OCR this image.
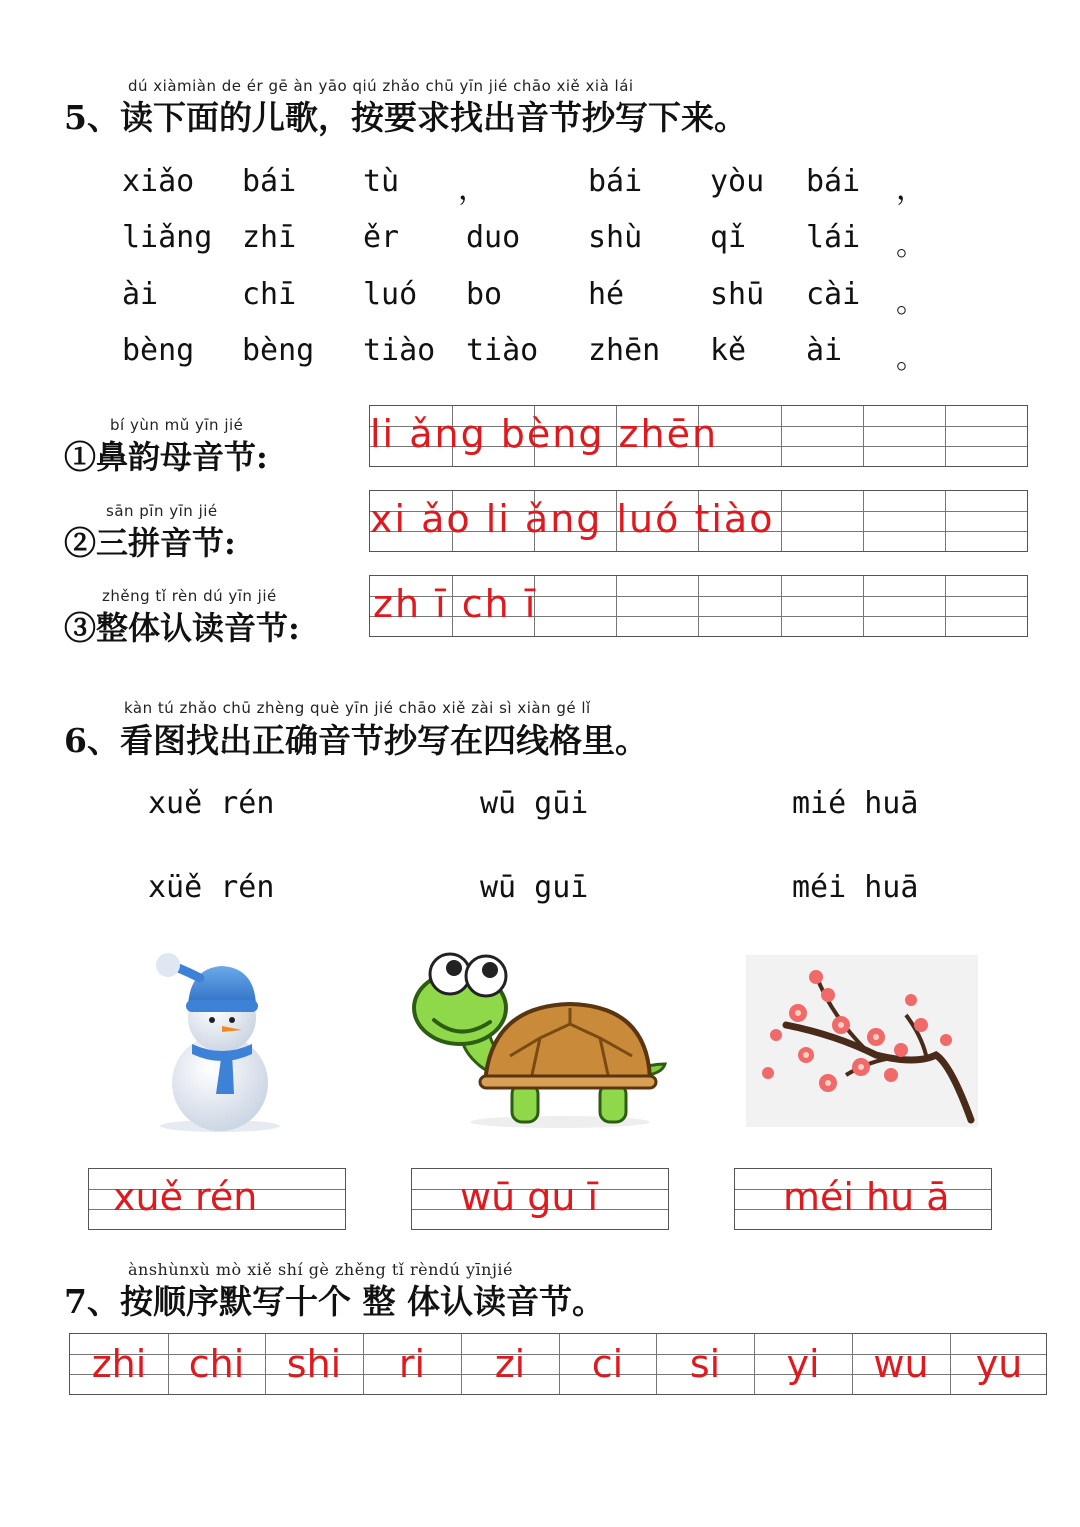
dú xiàmiàn de ér gē àn yāo qiú zhǎo chū yīn jié chāo xiě xià lái
5、读下面的儿歌，按要求找出音节抄写下来。
xiǎo bái tù ，	bái yòu bái ，
liǎng zhī ěr duo shù qǐ lái 。
ài	chī luó bo	hé	shū cài 。
bèng bèng tiào tiào zhēn kě ài 。
bí yùn mǔ yīn jié
①鼻韵母音节:
li ǎng bèng zhēn
sān pīn yīn jié
②三拼音节:
xi ǎo li ǎng luó tiào
zhěng tǐ rèn dú yīn jié
③整体认读音节:
zh ī ch ī
kàn tú zhǎo chū zhèng què yīn jié chāo xiě zài sì xiàn gé lǐ
6、看图找出正确音节抄写在四线格里。
xuě rén	wū gūi	mié huā
xüě rén	wū guī	méi huā
xuě rén	wū gu ī	méi hu ā
ànshùnxù mò xiě shí gè zhěng tǐ rèndú yīnjié
7、按顺序默写十个 整 体认读音节。
zhi	chi	shi	ri	zi	ci	si	yi	wu	yu
